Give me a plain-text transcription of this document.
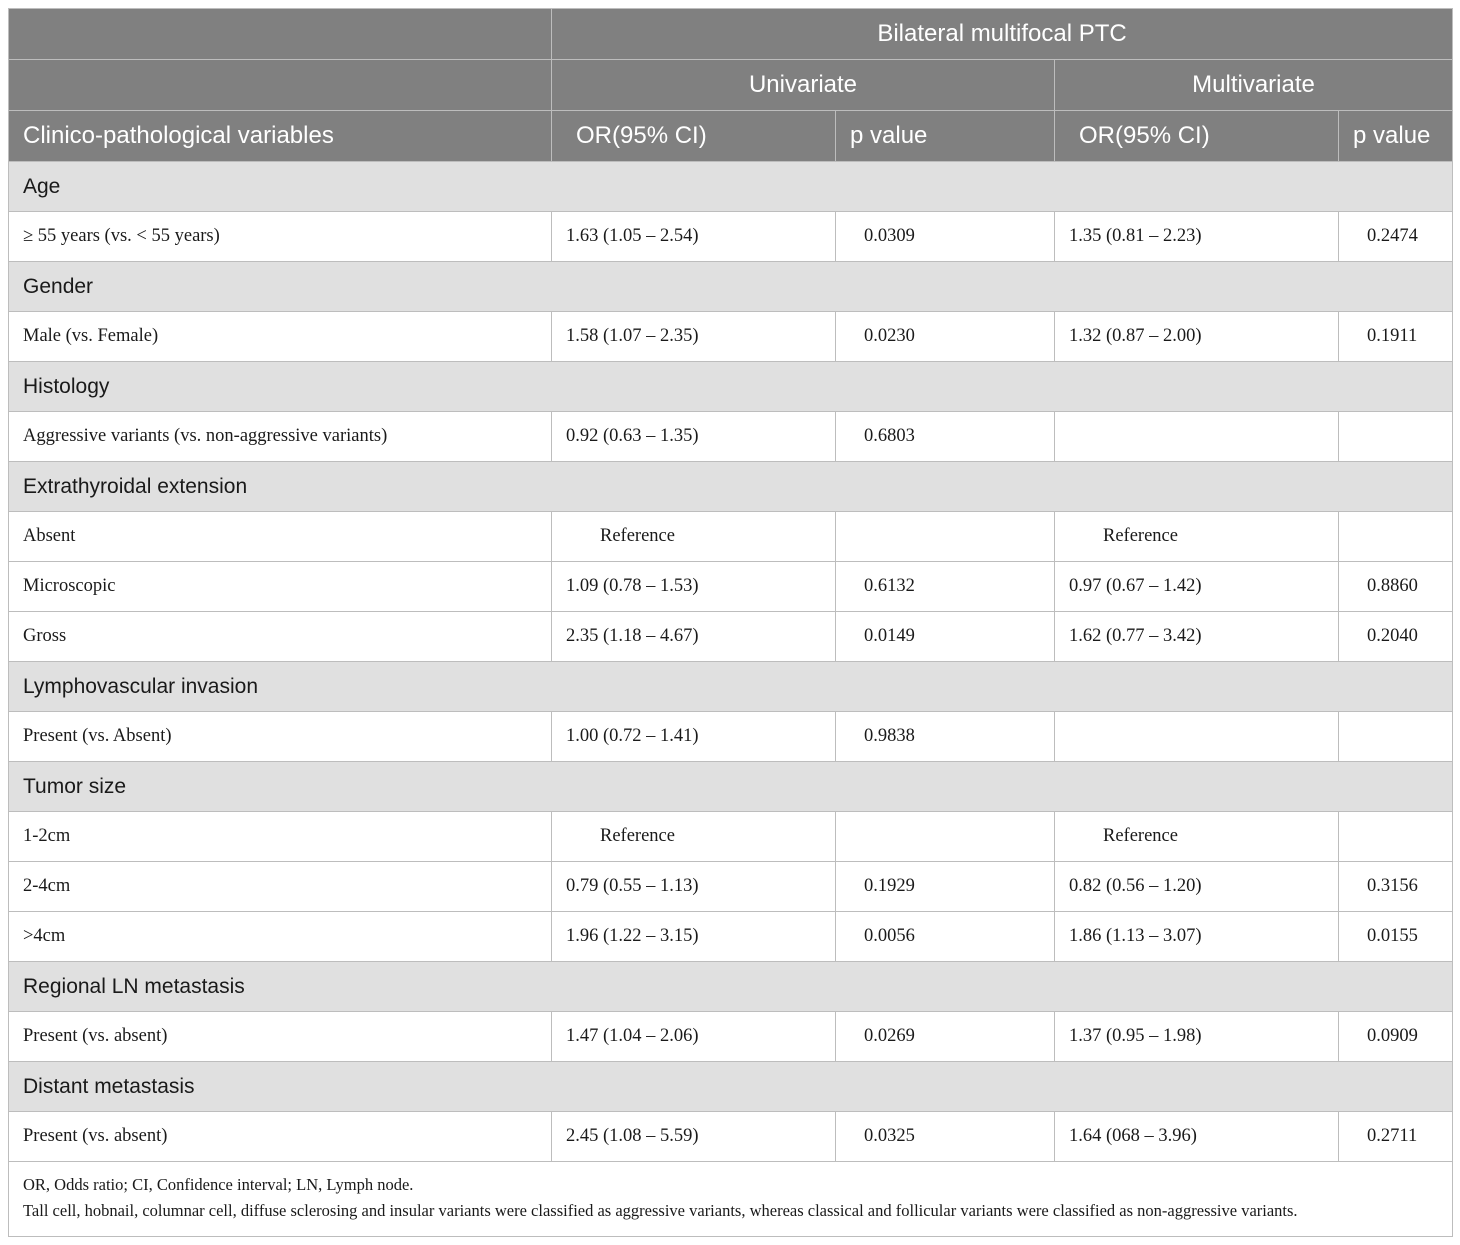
	Bilateral multifocal PTC			
	Univariate		Multivariate	
Clinico-pathological variables	OR(95% CI)	p value	OR(95% CI)	p value
Age				
≥ 55 years (vs. < 55 years)	1.63 (1.05 – 2.54)	0.0309	1.35 (0.81 – 2.23)	0.2474
Gender				
Male (vs. Female)	1.58 (1.07 – 2.35)	0.0230	1.32 (0.87 – 2.00)	0.1911
Histology				
Aggressive variants (vs. non-aggressive variants)	0.92 (0.63 – 1.35)	0.6803		
Extrathyroidal extension				
Absent	Reference		Reference	
Microscopic	1.09 (0.78 – 1.53)	0.6132	0.97 (0.67 – 1.42)	0.8860
Gross	2.35 (1.18 – 4.67)	0.0149	1.62 (0.77 – 3.42)	0.2040
Lymphovascular invasion				
Present (vs. Absent)	1.00 (0.72 – 1.41)	0.9838		
Tumor size				
1-2cm	Reference		Reference	
2-4cm	0.79 (0.55 – 1.13)	0.1929	0.82 (0.56 – 1.20)	0.3156
>4cm	1.96 (1.22 – 3.15)	0.0056	1.86 (1.13 – 3.07)	0.0155
Regional LN metastasis				
Present (vs. absent)	1.47 (1.04 – 2.06)	0.0269	1.37 (0.95 – 1.98)	0.0909
Distant metastasis				
Present (vs. absent)	2.45 (1.08 – 5.59)	0.0325	1.64 (068 – 3.96)	0.2711

OR, Odds ratio; CI, Confidence interval; LN, Lymph node.
Tall cell, hobnail, columnar cell, diffuse sclerosing and insular variants were classified as aggressive variants, whereas classical and follicular variants were classified as non-aggressive variants.				
